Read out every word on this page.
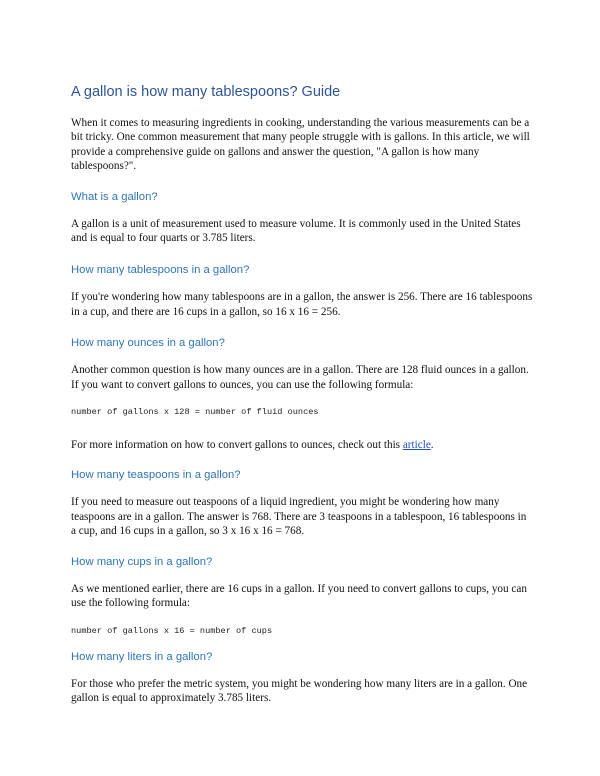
A gallon is how many tablespoons? Guide

When it comes to measuring ingredients in cooking, understanding the various measurements can be a bit tricky. One common measurement that many people struggle with is gallons. In this article, we will provide a comprehensive guide on gallons and answer the question, "A gallon is how many tablespoons?".

What is a gallon?

A gallon is a unit of measurement used to measure volume. It is commonly used in the United States and is equal to four quarts or 3.785 liters.

How many tablespoons in a gallon?

If you're wondering how many tablespoons are in a gallon, the answer is 256. There are 16 tablespoons in a cup, and there are 16 cups in a gallon, so 16 x 16 = 256.

How many ounces in a gallon?

Another common question is how many ounces are in a gallon. There are 128 fluid ounces in a gallon. If you want to convert gallons to ounces, you can use the following formula:

number of gallons x 128 = number of fluid ounces

For more information on how to convert gallons to ounces, check out this article.

How many teaspoons in a gallon?

If you need to measure out teaspoons of a liquid ingredient, you might be wondering how many teaspoons are in a gallon. The answer is 768. There are 3 teaspoons in a tablespoon, 16 tablespoons in a cup, and 16 cups in a gallon, so 3 x 16 x 16 = 768.

How many cups in a gallon?

As we mentioned earlier, there are 16 cups in a gallon. If you need to convert gallons to cups, you can use the following formula:

number of gallons x 16 = number of cups

How many liters in a gallon?

For those who prefer the metric system, you might be wondering how many liters are in a gallon. One gallon is equal to approximately 3.785 liters.
